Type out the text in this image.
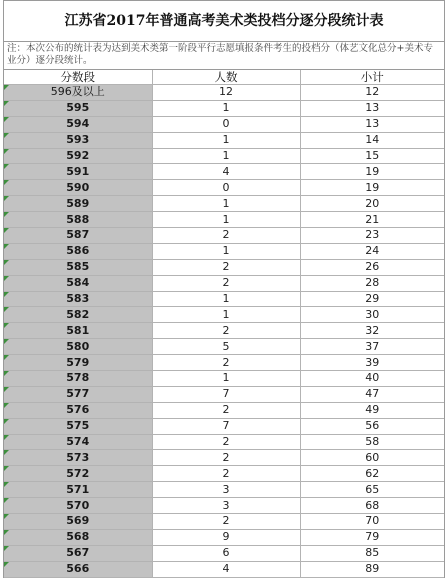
江苏省2017年普通高考美术类投档分逐分段统计表
注：本次公布的统计表为达到美术类第一阶段平行志愿填报条件考生的投档分（体艺文化总分+美术专业分）逐分段统计。
分数段	人数	小计
596及以上	12	12
595	1	13
594	0	13
593	1	14
592	1	15
591	4	19
590	0	19
589	1	20
588	1	21
587	2	23
586	1	24
585	2	26
584	2	28
583	1	29
582	1	30
581	2	32
580	5	37
579	2	39
578	1	40
577	7	47
576	2	49
575	7	56
574	2	58
573	2	60
572	2	62
571	3	65
570	3	68
569	2	70
568	9	79
567	6	85
566	4	89
